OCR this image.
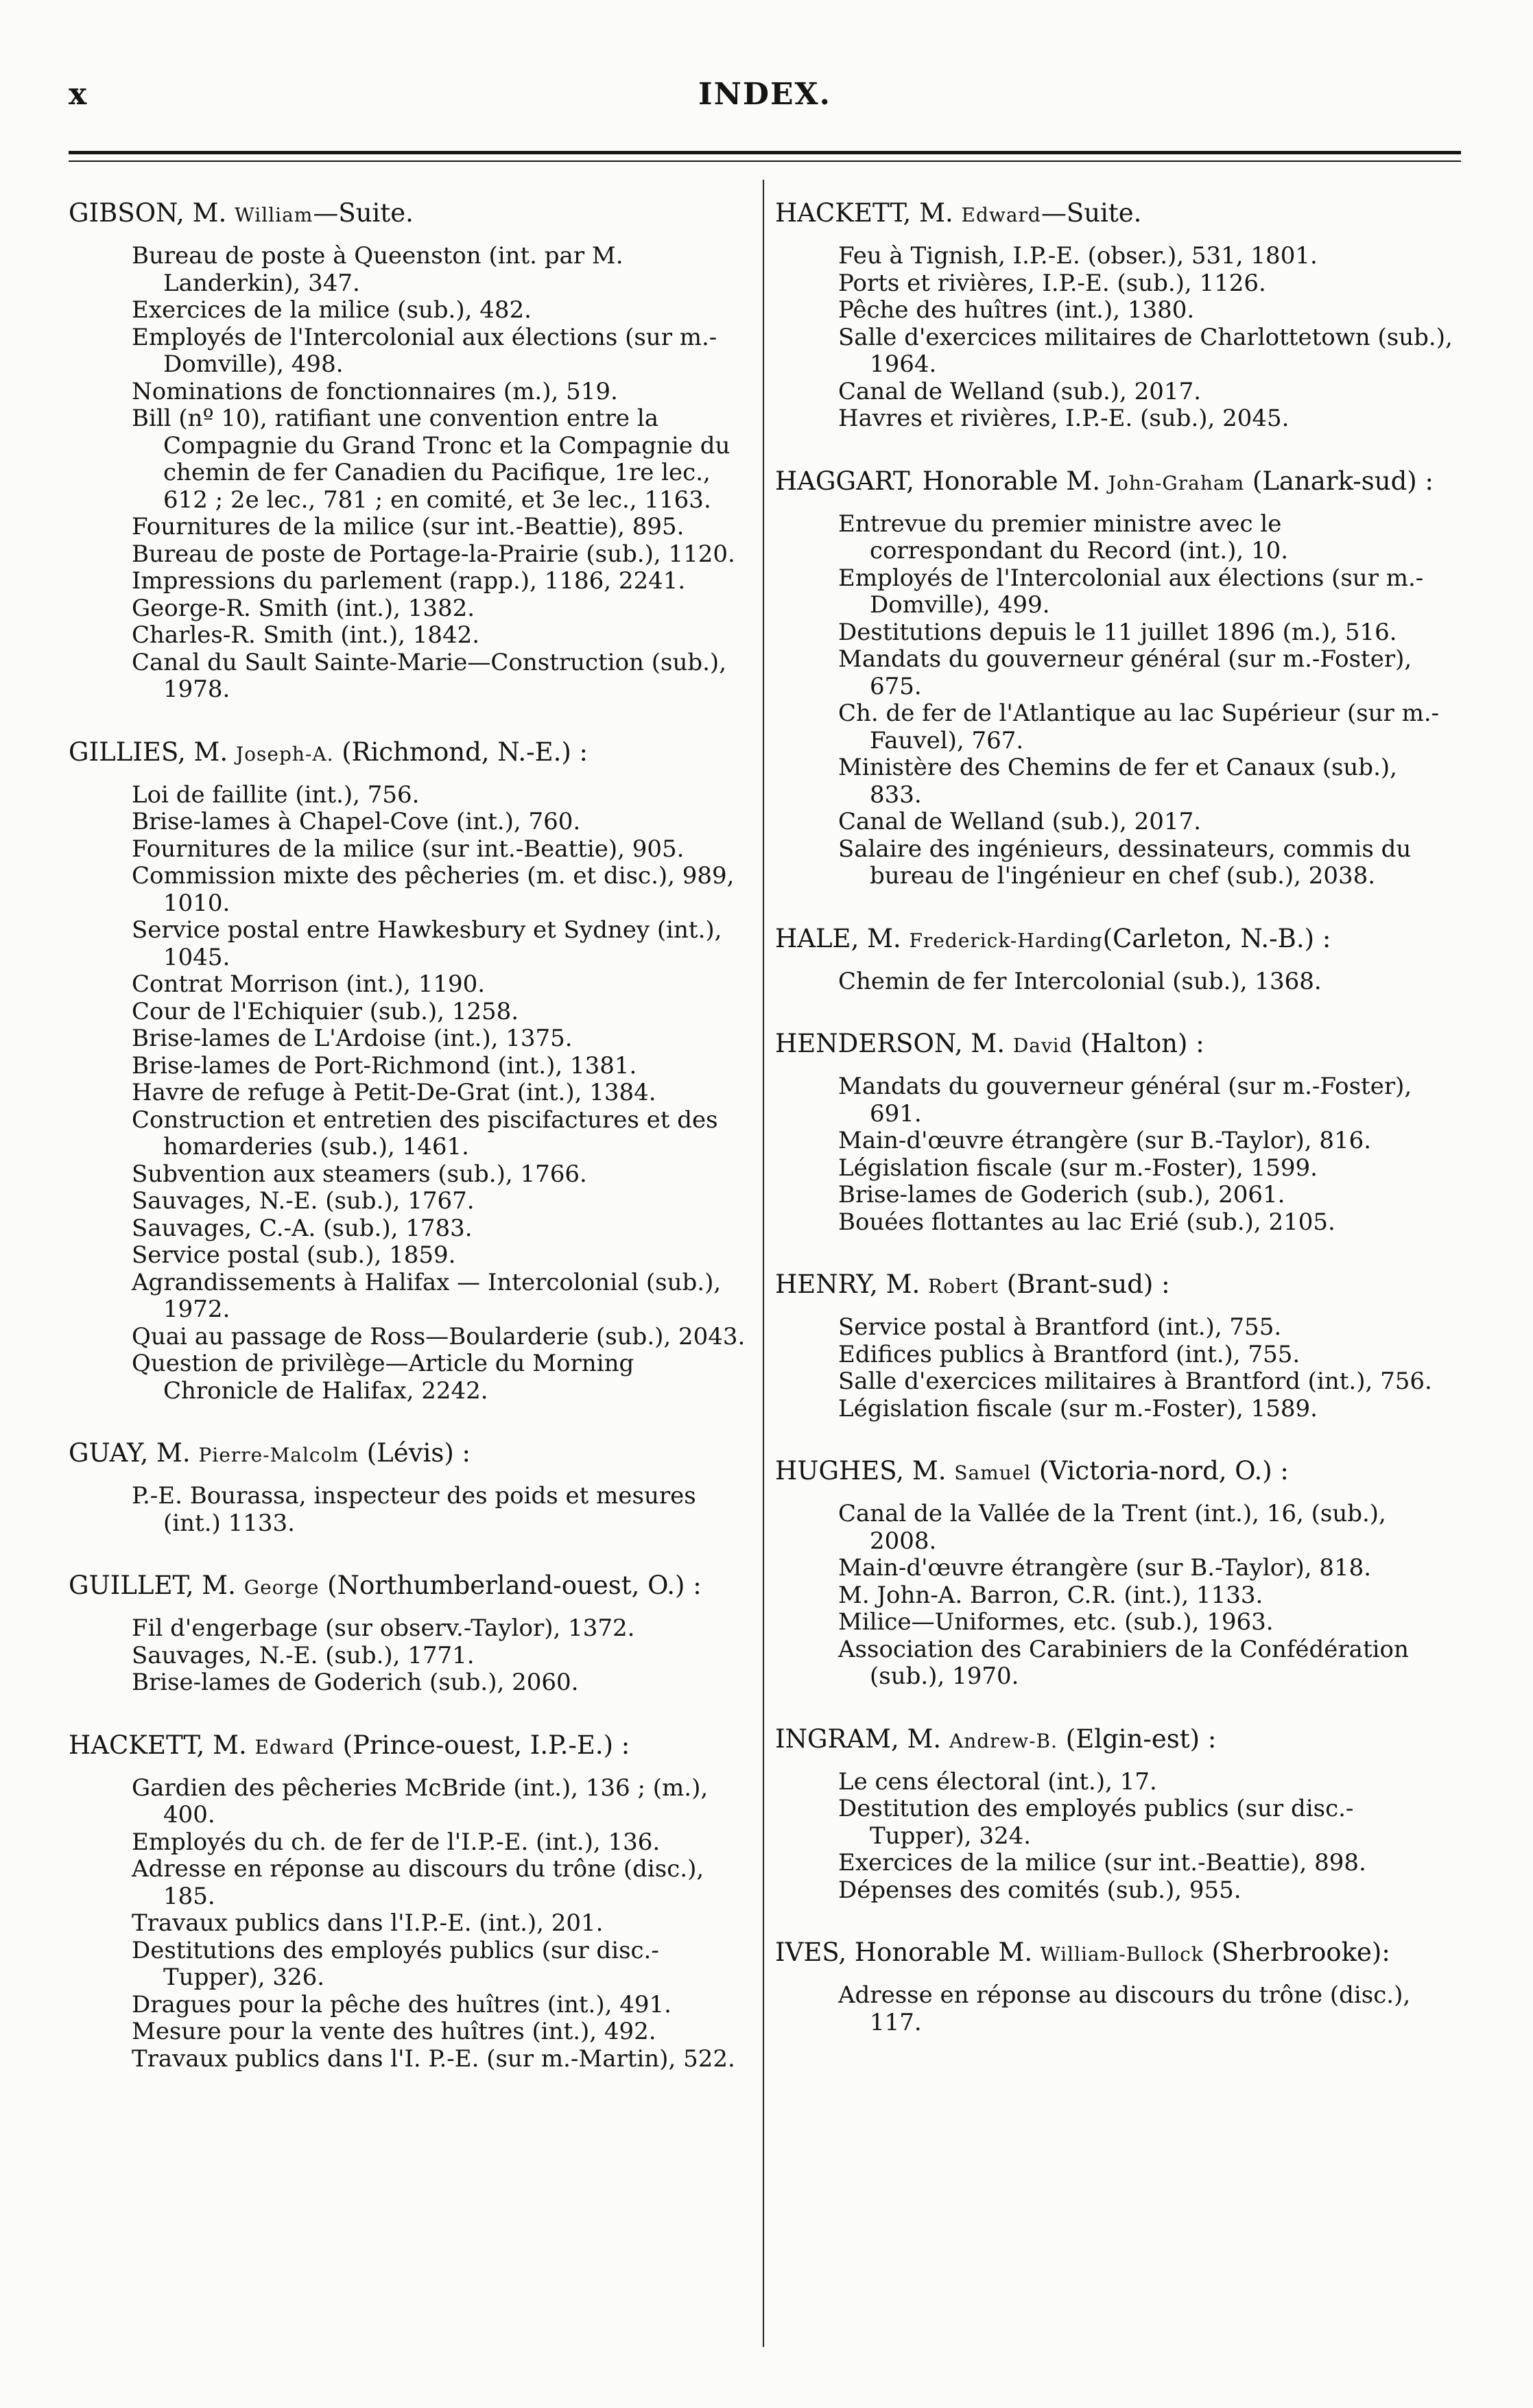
x	INDEX.
GIBSON, M. William—Suite.
Bureau de poste à Queenston (int. par M. Landerkin), 347.
Exercices de la milice (sub.), 482.
Employés de l'Intercolonial aux élections (sur m.-Domville), 498.
Nominations de fonctionnaires (m.), 519.
Bill (nº 10), ratifiant une convention entre la Compagnie du Grand Tronc et la Compagnie du chemin de fer Canadien du Pacifique, 1re lec., 612 ; 2e lec., 781 ; en comité, et 3e lec., 1163.
Fournitures de la milice (sur int.-Beattie), 895.
Bureau de poste de Portage-la-Prairie (sub.), 1120.
Impressions du parlement (rapp.), 1186, 2241.
George-R. Smith (int.), 1382.
Charles-R. Smith (int.), 1842.
Canal du Sault Sainte-Marie—Construction (sub.), 1978.
GILLIES, M. Joseph-A. (Richmond, N.-E.) :
Loi de faillite (int.), 756.
Brise-lames à Chapel-Cove (int.), 760.
Fournitures de la milice (sur int.-Beattie), 905.
Commission mixte des pêcheries (m. et disc.), 989, 1010.
Service postal entre Hawkesbury et Sydney (int.), 1045.
Contrat Morrison (int.), 1190.
Cour de l'Echiquier (sub.), 1258.
Brise-lames de L'Ardoise (int.), 1375.
Brise-lames de Port-Richmond (int.), 1381.
Havre de refuge à Petit-De-Grat (int.), 1384.
Construction et entretien des piscifactures et des homarderies (sub.), 1461.
Subvention aux steamers (sub.), 1766.
Sauvages, N.-E. (sub.), 1767.
Sauvages, C.-A. (sub.), 1783.
Service postal (sub.), 1859.
Agrandissements à Halifax — Intercolonial (sub.), 1972.
Quai au passage de Ross—Boularderie (sub.), 2043.
Question de privilège—Article du Morning Chronicle de Halifax, 2242.
GUAY, M. Pierre-Malcolm (Lévis) :
P.-E. Bourassa, inspecteur des poids et mesures (int.) 1133.
GUILLET, M. George (Northumberland-ouest, O.) :
Fil d'engerbage (sur observ.-Taylor), 1372.
Sauvages, N.-E. (sub.), 1771.
Brise-lames de Goderich (sub.), 2060.
HACKETT, M. Edward (Prince-ouest, I.P.-E.) :
Gardien des pêcheries McBride (int.), 136 ; (m.), 400.
Employés du ch. de fer de l'I.P.-E. (int.), 136.
Adresse en réponse au discours du trône (disc.), 185.
Travaux publics dans l'I.P.-E. (int.), 201.
Destitutions des employés publics (sur disc.-Tupper), 326.
Dragues pour la pêche des huîtres (int.), 491.
Mesure pour la vente des huîtres (int.), 492.
Travaux publics dans l'I. P.-E. (sur m.-Martin), 522.
HACKETT, M. Edward—Suite.
Feu à Tignish, I.P.-E. (obser.), 531, 1801.
Ports et rivières, I.P.-E. (sub.), 1126.
Pêche des huîtres (int.), 1380.
Salle d'exercices militaires de Charlottetown (sub.), 1964.
Canal de Welland (sub.), 2017.
Havres et rivières, I.P.-E. (sub.), 2045.
HAGGART, Honorable M. John-Graham (Lanark-sud) :
Entrevue du premier ministre avec le correspondant du Record (int.), 10.
Employés de l'Intercolonial aux élections (sur m.-Domville), 499.
Destitutions depuis le 11 juillet 1896 (m.), 516.
Mandats du gouverneur général (sur m.-Foster), 675.
Ch. de fer de l'Atlantique au lac Supérieur (sur m.-Fauvel), 767.
Ministère des Chemins de fer et Canaux (sub.), 833.
Canal de Welland (sub.), 2017.
Salaire des ingénieurs, dessinateurs, commis du bureau de l'ingénieur en chef (sub.), 2038.
HALE, M. Frederick-Harding(Carleton, N.-B.) :
Chemin de fer Intercolonial (sub.), 1368.
HENDERSON, M. David (Halton) :
Mandats du gouverneur général (sur m.-Foster), 691.
Main-d'œuvre étrangère (sur B.-Taylor), 816.
Législation fiscale (sur m.-Foster), 1599.
Brise-lames de Goderich (sub.), 2061.
Bouées flottantes au lac Erié (sub.), 2105.
HENRY, M. Robert (Brant-sud) :
Service postal à Brantford (int.), 755.
Edifices publics à Brantford (int.), 755.
Salle d'exercices militaires à Brantford (int.), 756.
Législation fiscale (sur m.-Foster), 1589.
HUGHES, M. Samuel (Victoria-nord, O.) :
Canal de la Vallée de la Trent (int.), 16, (sub.), 2008.
Main-d'œuvre étrangère (sur B.-Taylor), 818.
M. John-A. Barron, C.R. (int.), 1133.
Milice—Uniformes, etc. (sub.), 1963.
Association des Carabiniers de la Confédération (sub.), 1970.
INGRAM, M. Andrew-B. (Elgin-est) :
Le cens électoral (int.), 17.
Destitution des employés publics (sur disc.-Tupper), 324.
Exercices de la milice (sur int.-Beattie), 898.
Dépenses des comités (sub.), 955.
IVES, Honorable M. William-Bullock (Sherbrooke):
Adresse en réponse au discours du trône (disc.), 117.
